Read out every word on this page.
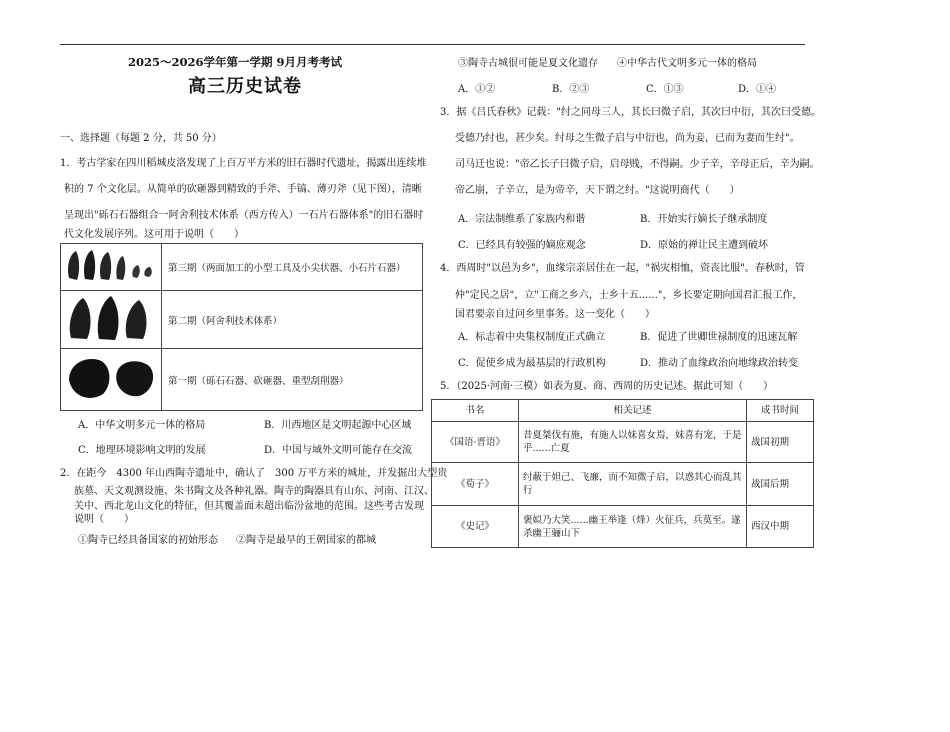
2025～2026学年第一学期 9月月考考试
高三历史试卷
一、选择题（每题 2 分，共 50 分）
1．考古学家在四川稻城皮洛发现了上百万平方米的旧石器时代遗址，揭露出连续堆
积的 7 个文化层。从简单的砍砸器到精致的手斧、手镐、薄刃斧（见下图），清晰
呈现出"砾石石器组合一阿舍利技术体系（西方传入）一石片石器体系"的旧石器时
代文化发展序列。这可用于说明（　　）
	第三期（两面加工的小型工具及小尖状器、小石片石器）
	第二期（阿舍利技术体系）
	第一期（砾石石器、砍砸器、重型刮削器）
A．中华文明多元一体的格局	B．川西地区是文明起源中心区域
C．地理环境影响文明的发展	D．中国与域外文明可能存在交流
2．在距今　4300 年山西陶寺遗址中，确认了　300 万平方米的城址，并发掘出大型贵
族墓、天文观测设施、朱书陶文及各种礼器。陶寺的陶器具有山东、河南、江汉、
关中、西北龙山文化的特征，但其覆盖面未超出临汾盆地的范围。这些考古发现
说明（　　）
①陶寺已经具备国家的初始形态 ②陶寺是最早的王朝国家的都城
③陶寺古城很可能是夏文化遗存 ④中华古代文明多元一体的格局
A．①②	B．②③	C．①③	D．①④
3．据《吕氏春秋》记载："纣之同母三人，其长曰微子启，其次曰中衍，其次曰受德。
受德乃纣也，甚少矣。纣母之生微子启与中衍也，尚为妾，已而为妻而生纣"。
司马迁也说："帝乙长子曰微子启，启母贱，不得嗣。少子辛，辛母正后，辛为嗣。
帝乙崩，子辛立，是为帝辛，天下谓之纣。"这说明商代（　　）
A．宗法制维系了家族内和谐	B．开始实行嫡长子继承制度
C．已经具有较强的嫡庶观念	D．原始的禅让民主遭到破坏
4．西周时"以邑为乡"，血缘宗亲居住在一起，"祸灾相恤，资丧比服"。春秋时，管
仲"定民之居"，立"工商之乡六，士乡十五......"，乡长要定期向国君汇报工作，
国君要亲自过问乡里事务。这一变化（　　）
A．标志着中央集权制度正式确立	B．促进了世卿世禄制度的迅速瓦解
C．促使乡成为最基层的行政机构	D．推动了血缘政治向地缘政治转变
5．（2025·河南·三模）如表为夏、商、西周的历史记述。据此可知（　　）
书名	相关记述	成书时间
《国语·晋语》	昔夏桀伐有施，有施人以妹喜女焉，妹喜有宠，于是
乎......亡夏	战国初期
《荀子》	纣蔽于妲己、飞廉，而不知微子启，以惑其心而乱其
行	战国后期
《史记》	褒姒乃大笑......幽王举逢（烽）火征兵，兵莫至。遂
杀幽王骊山下	西汉中期
